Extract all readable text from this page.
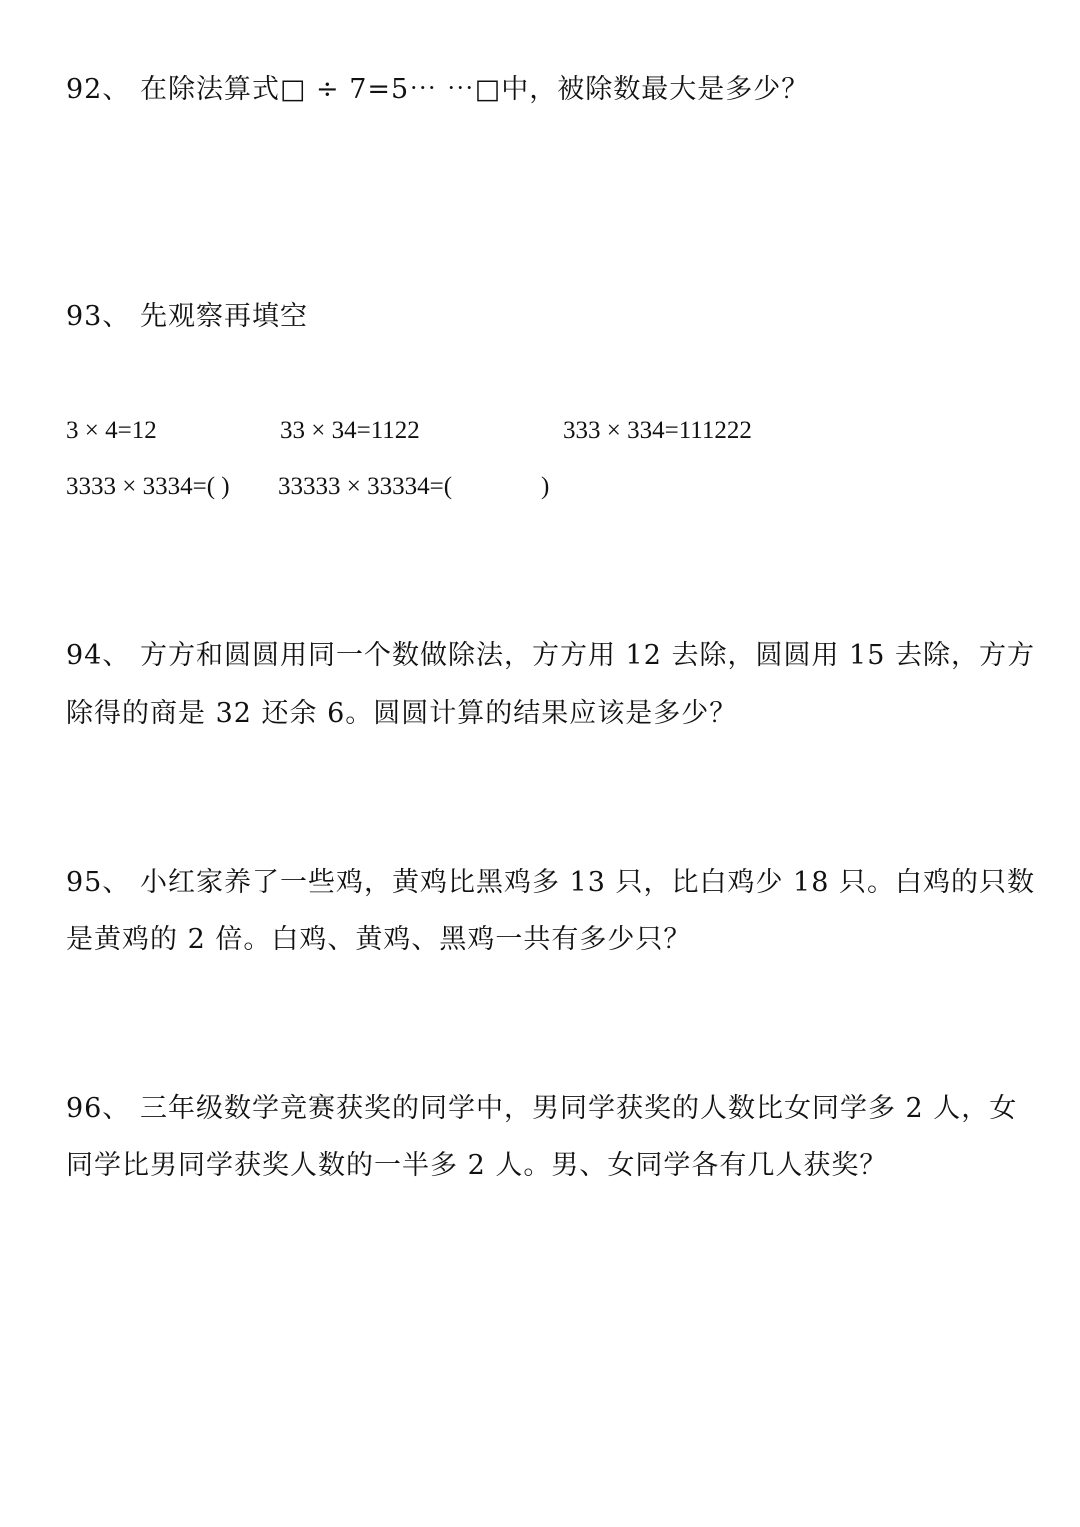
92、 在除法算式□ ÷ 7=5⋯ ⋯□中，被除数最大是多少？
93、 先观察再填空
3 × 4=12	33 × 34=1122	333 × 334=111222
3333 × 3334=( ) 33333 × 33334=(	)
94、 方方和圆圆用同一个数做除法，方方用 12 去除，圆圆用 15 去除，方方
除得的商是 32 还余 6。圆圆计算的结果应该是多少？
95、 小红家养了一些鸡，黄鸡比黑鸡多 13 只，比白鸡少 18 只。白鸡的只数
是黄鸡的 2 倍。白鸡、黄鸡、黑鸡一共有多少只？
96、 三年级数学竞赛获奖的同学中，男同学获奖的人数比女同学多 2 人，女
同学比男同学获奖人数的一半多 2 人。男、女同学各有几人获奖？
